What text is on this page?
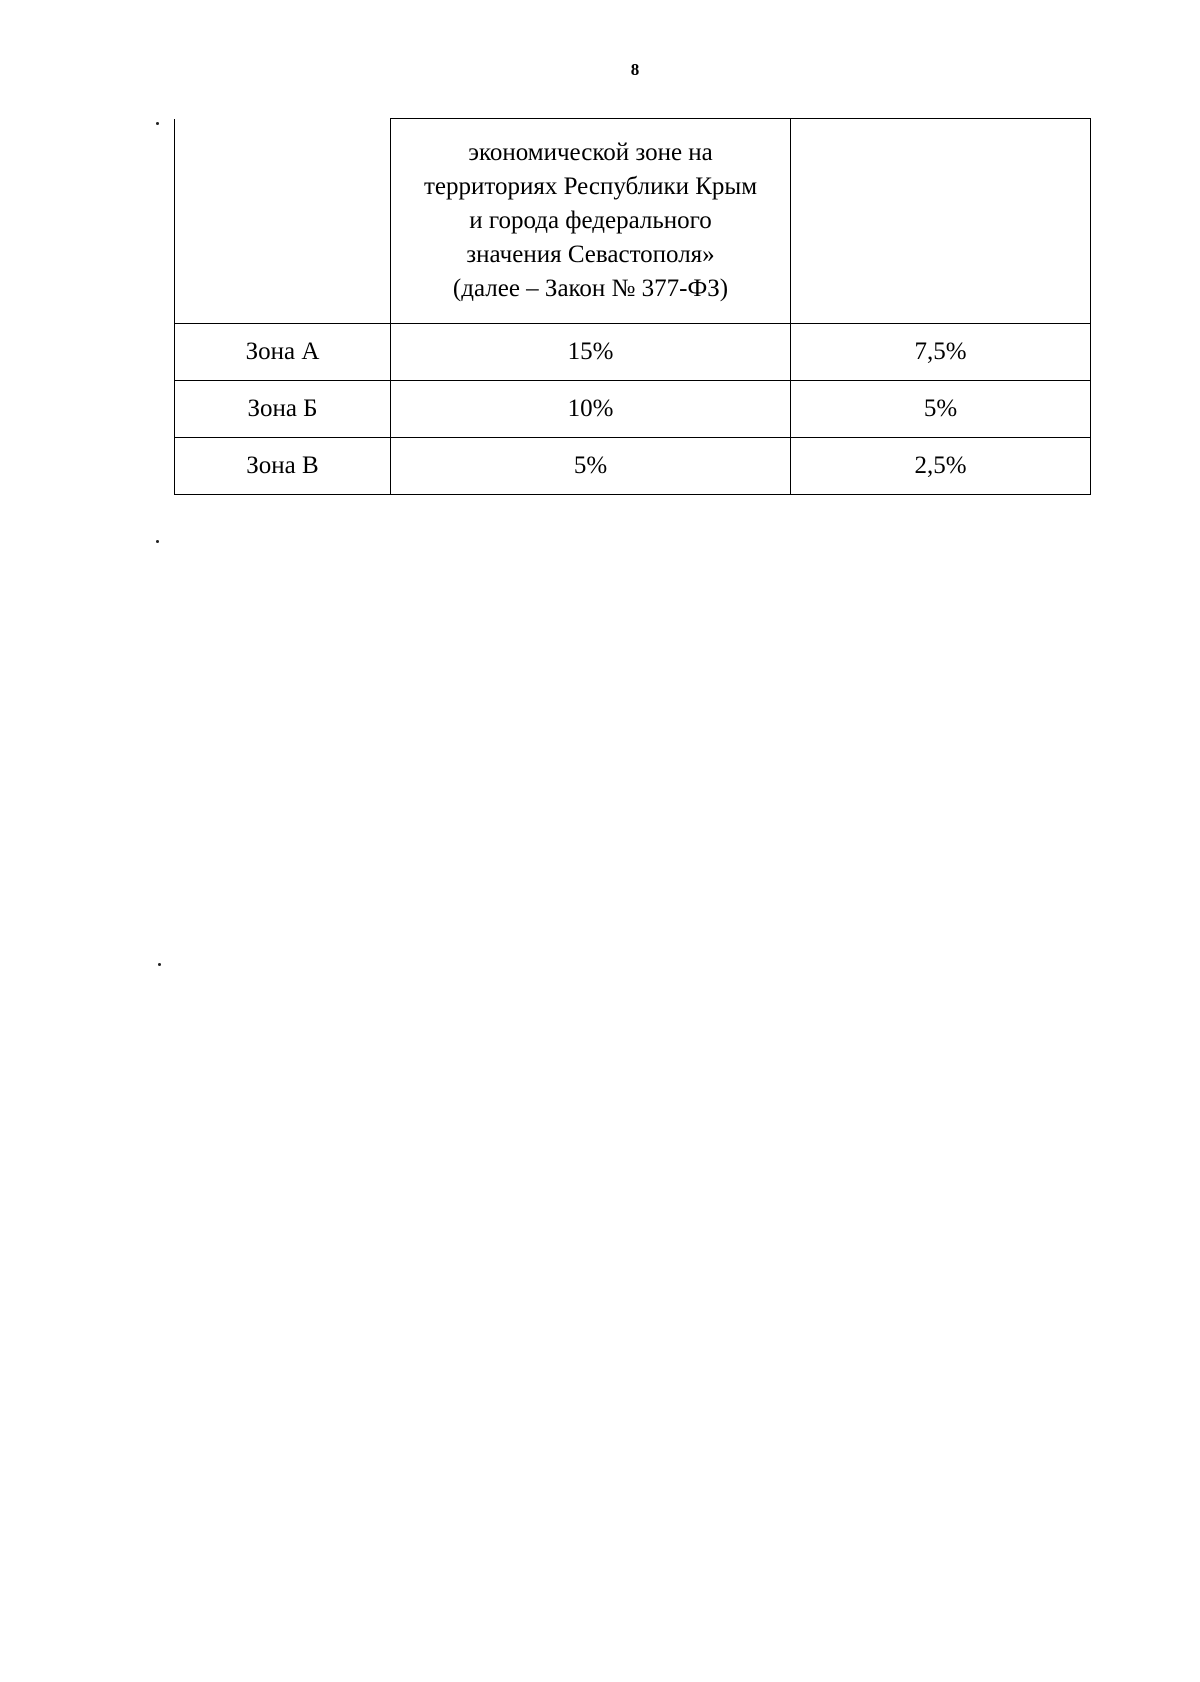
8

	экономической зоне на
территориях Республики Крым
и города федерального
значения Севастополя»
(далее – Закон № 377-ФЗ)	

Зона А	15%	7,5%
Зона Б	10%	5%
Зона В	5%	2,5%
